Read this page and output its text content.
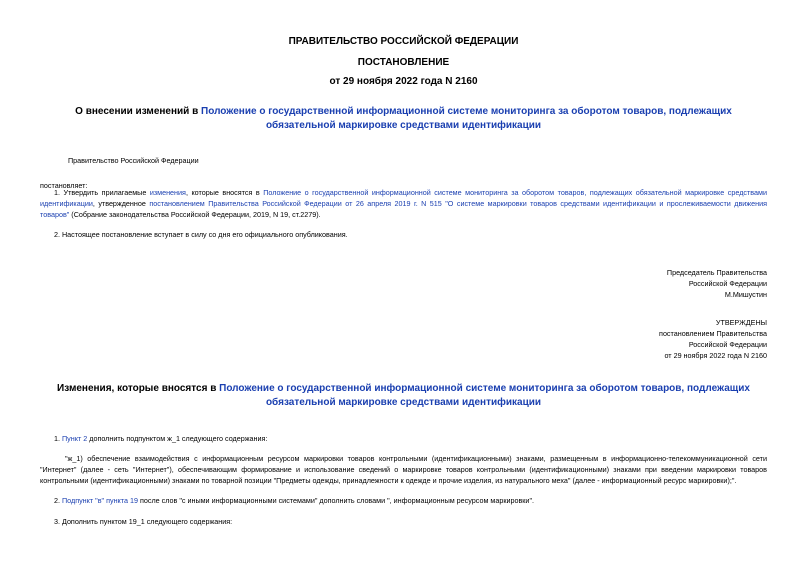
ПРАВИТЕЛЬСТВО РОССИЙСКОЙ ФЕДЕРАЦИИ
ПОСТАНОВЛЕНИЕ
от 29 ноября 2022 года N 2160
О внесении изменений в Положение о государственной информационной системе мониторинга за оборотом товаров, подлежащих обязательной маркировке средствами идентификации
Правительство Российской Федерации
постановляет:
1. Утвердить прилагаемые изменения, которые вносятся в Положение о государственной информационной системе мониторинга за оборотом товаров, подлежащих обязательной маркировке средствами идентификации, утвержденное постановлением Правительства Российской Федерации от 26 апреля 2019 г. N 515 "О системе маркировки товаров средствами идентификации и прослеживаемости движения товаров" (Собрание законодательства Российской Федерации, 2019, N 19, ст.2279).
2. Настоящее постановление вступает в силу со дня его официального опубликования.
Председатель Правительства
Российской Федерации
М.Мишустин
УТВЕРЖДЕНЫ
постановлением Правительства
Российской Федерации
от 29 ноября 2022 года N 2160
Изменения, которые вносятся в Положение о государственной информационной системе мониторинга за оборотом товаров, подлежащих обязательной маркировке средствами идентификации
1. Пункт 2 дополнить подпунктом ж_1 следующего содержания:
"ж_1) обеспечение взаимодействия с информационным ресурсом маркировки товаров контрольными (идентификационными) знаками, размещенным в информационно-телекоммуникационной сети "Интернет" (далее - сеть "Интернет"), обеспечивающим формирование и использование сведений о маркировке товаров контрольными (идентификационными) знаками при введении маркировки товаров контрольными (идентификационными) знаками по товарной позиции "Предметы одежды, принадлежности к одежде и прочие изделия, из натурального меха" (далее - информационный ресурс маркировки);".
2. Подпункт "в" пункта 19 после слов "с иными информационными системами" дополнить словами ", информационным ресурсом маркировки".
3. Дополнить пунктом 19_1 следующего содержания:
